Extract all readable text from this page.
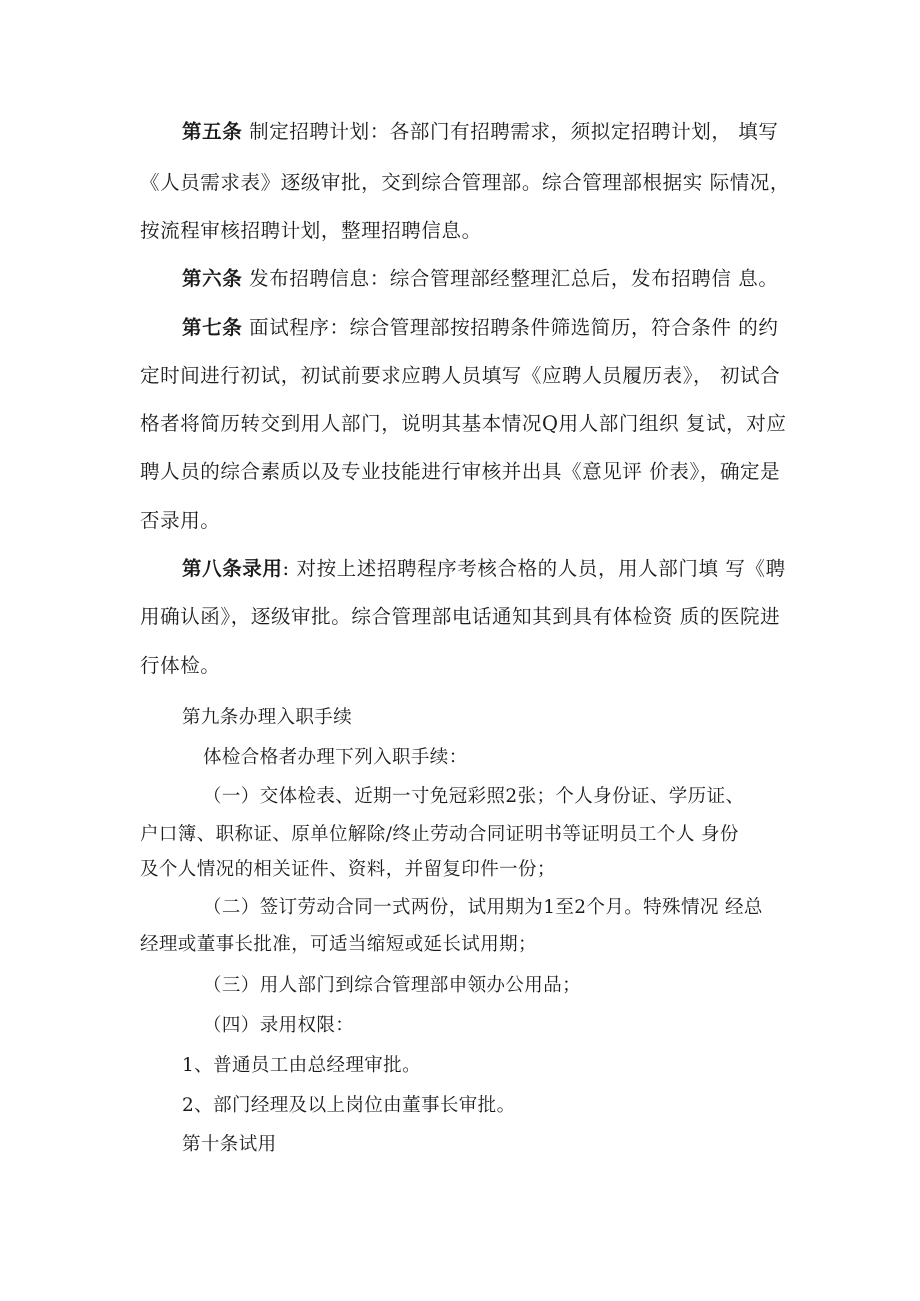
第五条 制定招聘计划：各部门有招聘需求，须拟定招聘计划， 填写
《人员需求表》逐级审批，交到综合管理部。综合管理部根据实 际情况，
按流程审核招聘计划，整理招聘信息。
第六条 发布招聘信息：综合管理部经整理汇总后，发布招聘信 息。
第七条 面试程序：综合管理部按招聘条件筛选简历，符合条件 的约
定时间进行初试，初试前要求应聘人员填写《应聘人员履历表》， 初试合
格者将简历转交到用人部门，说明其基本情况Q用人部门组织 复试，对应
聘人员的综合素质以及专业技能进行审核并出具《意见评 价表》，确定是
否录用。
第八条录用: 对按上述招聘程序考核合格的人员，用人部门填 写《聘
用确认函》，逐级审批。综合管理部电话通知其到具有体检资 质的医院进
行体检。
第九条办理入职手续
体检合格者办理下列入职手续：
（一）交体检表、近期一寸免冠彩照2张；个人身份证、学历证、
户口簿、职称证、原单位解除/终止劳动合同证明书等证明员工个人 身份
及个人情况的相关证件、资料，并留复印件一份；
（二）签订劳动合同一式两份，试用期为1至2个月。特殊情况 经总
经理或董事长批准，可适当缩短或延长试用期；
（三）用人部门到综合管理部申领办公用品；
（四）录用权限：
1、普通员工由总经理审批。
2、部门经理及以上岗位由董事长审批。
第十条试用
